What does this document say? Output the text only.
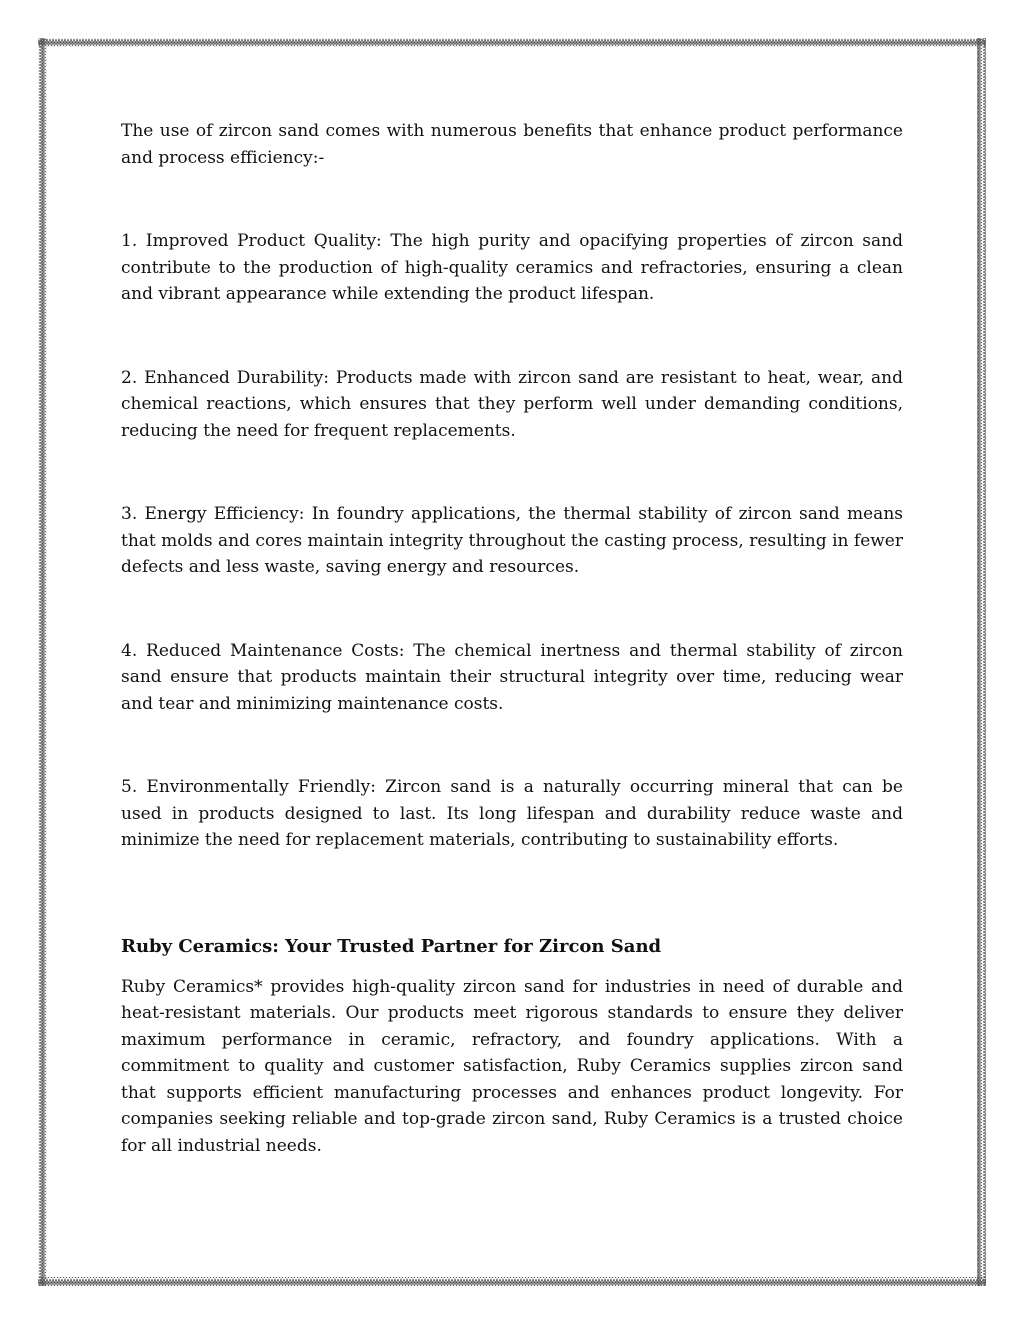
The use of zircon sand comes with numerous benefits that enhance product performance and process efficiency:-

1. Improved Product Quality: The high purity and opacifying properties of zircon sand contribute to the production of high-quality ceramics and refractories, ensuring a clean and vibrant appearance while extending the product lifespan.

2. Enhanced Durability: Products made with zircon sand are resistant to heat, wear, and chemical reactions, which ensures that they perform well under demanding conditions, reducing the need for frequent replacements.

3. Energy Efficiency: In foundry applications, the thermal stability of zircon sand means that molds and cores maintain integrity throughout the casting process, resulting in fewer defects and less waste, saving energy and resources.

4. Reduced Maintenance Costs: The chemical inertness and thermal stability of zircon sand ensure that products maintain their structural integrity over time, reducing wear and tear and minimizing maintenance costs.

5. Environmentally Friendly: Zircon sand is a naturally occurring mineral that can be used in products designed to last. Its long lifespan and durability reduce waste and minimize the need for replacement materials, contributing to sustainability efforts.

Ruby Ceramics: Your Trusted Partner for Zircon Sand

Ruby Ceramics* provides high-quality zircon sand for industries in need of durable and heat-resistant materials. Our products meet rigorous standards to ensure they deliver maximum performance in ceramic, refractory, and foundry applications. With a commitment to quality and customer satisfaction, Ruby Ceramics supplies zircon sand that supports efficient manufacturing processes and enhances product longevity. For companies seeking reliable and top-grade zircon sand, Ruby Ceramics is a trusted choice for all industrial needs.
